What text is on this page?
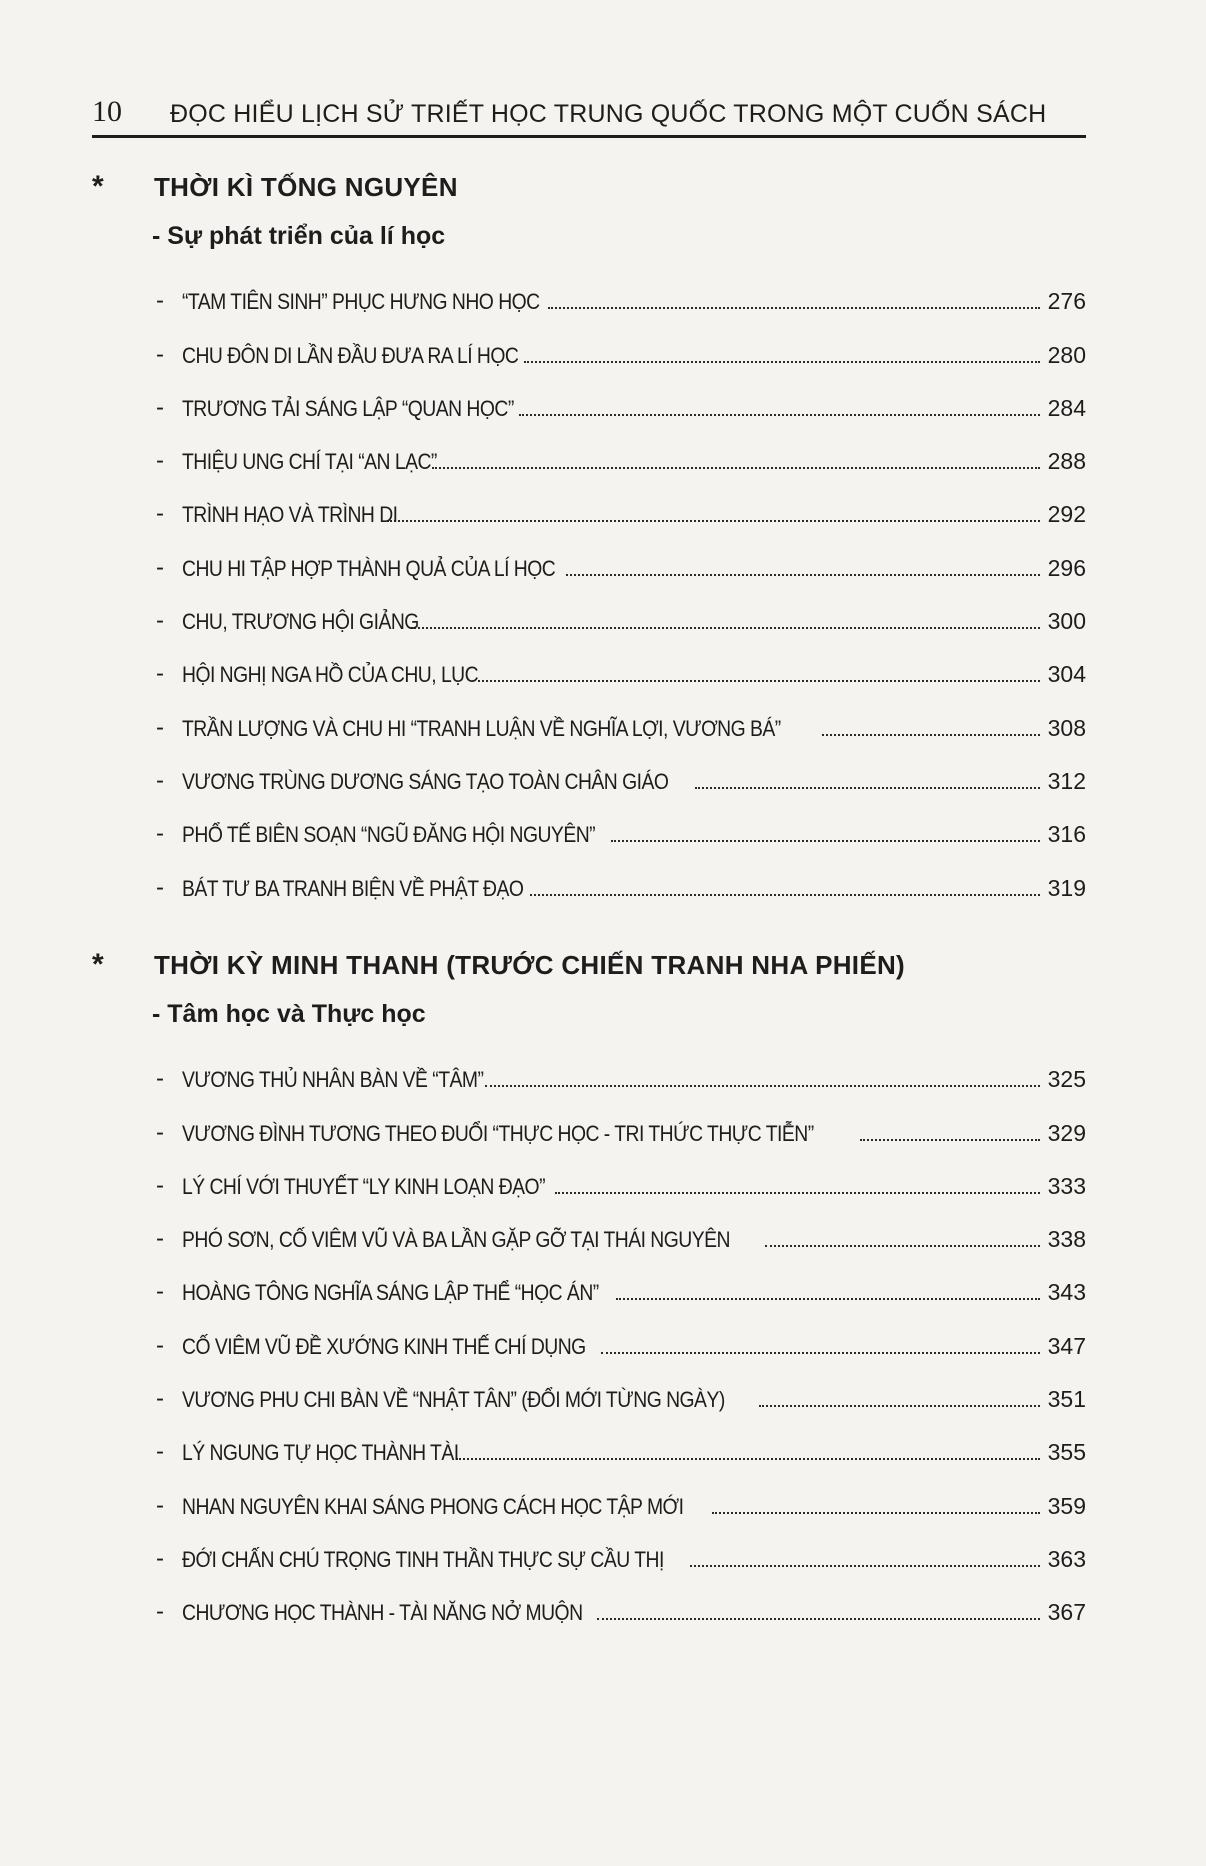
10	ĐỌC HIỂU LỊCH SỬ TRIẾT HỌC TRUNG QUỐC TRONG MỘT CUỐN SÁCH
* THỜI KÌ TỐNG NGUYÊN
- Sự phát triển của lí học
- “TAM TIÊN SINH” PHỤC HƯNG NHO HỌC	276
- CHU ĐÔN DI LẦN ĐẦU ĐƯA RA LÍ HỌC	280
- TRƯƠNG TẢI SÁNG LẬP “QUAN HỌC”	284
- THIỆU UNG CHÍ TẠI “AN LẠC”	288
- TRÌNH HẠO VÀ TRÌNH DI	292
- CHU HI TẬP HỢP THÀNH QUẢ CỦA LÍ HỌC	296
- CHU, TRƯƠNG HỘI GIẢNG	300
- HỘI NGHỊ NGA HỒ CỦA CHU, LỤC	304
- TRẦN LƯỢNG VÀ CHU HI “TRANH LUẬN VỀ NGHĨA LỢI, VƯƠNG BÁ”	308
- VƯƠNG TRÙNG DƯƠNG SÁNG TẠO TOÀN CHÂN GIÁO	312
- PHỔ TẾ BIÊN SOẠN “NGŨ ĐĂNG HỘI NGUYÊN”	316
- BÁT TƯ BA TRANH BIỆN VỀ PHẬT ĐẠO	319
* THỜI KỲ MINH THANH (TRƯỚC CHIẾN TRANH NHA PHIẾN)
- Tâm học và Thực học
- VƯƠNG THỦ NHÂN BÀN VỀ “TÂM”	325
- VƯƠNG ĐÌNH TƯƠNG THEO ĐUỔI “THỰC HỌC - TRI THỨC THỰC TIỄN”	329
- LÝ CHÍ VỚI THUYẾT “LY KINH LOẠN ĐẠO”	333
- PHÓ SƠN, CỐ VIÊM VŨ VÀ BA LẦN GẶP GỠ TẠI THÁI NGUYÊN	338
- HOÀNG TÔNG NGHĨA SÁNG LẬP THỂ “HỌC ÁN”	343
- CỐ VIÊM VŨ ĐỀ XƯỚNG KINH THẾ CHÍ DỤNG	347
- VƯƠNG PHU CHI BÀN VỀ “NHẬT TÂN” (ĐỔI MỚI TỪNG NGÀY)	351
- LÝ NGUNG TỰ HỌC THÀNH TÀI	355
- NHAN NGUYÊN KHAI SÁNG PHONG CÁCH HỌC TẬP MỚI	359
- ĐỚI CHẤN CHÚ TRỌNG TINH THẦN THỰC SỰ CẦU THỊ	363
- CHƯƠNG HỌC THÀNH - TÀI NĂNG NỞ MUỘN	367
